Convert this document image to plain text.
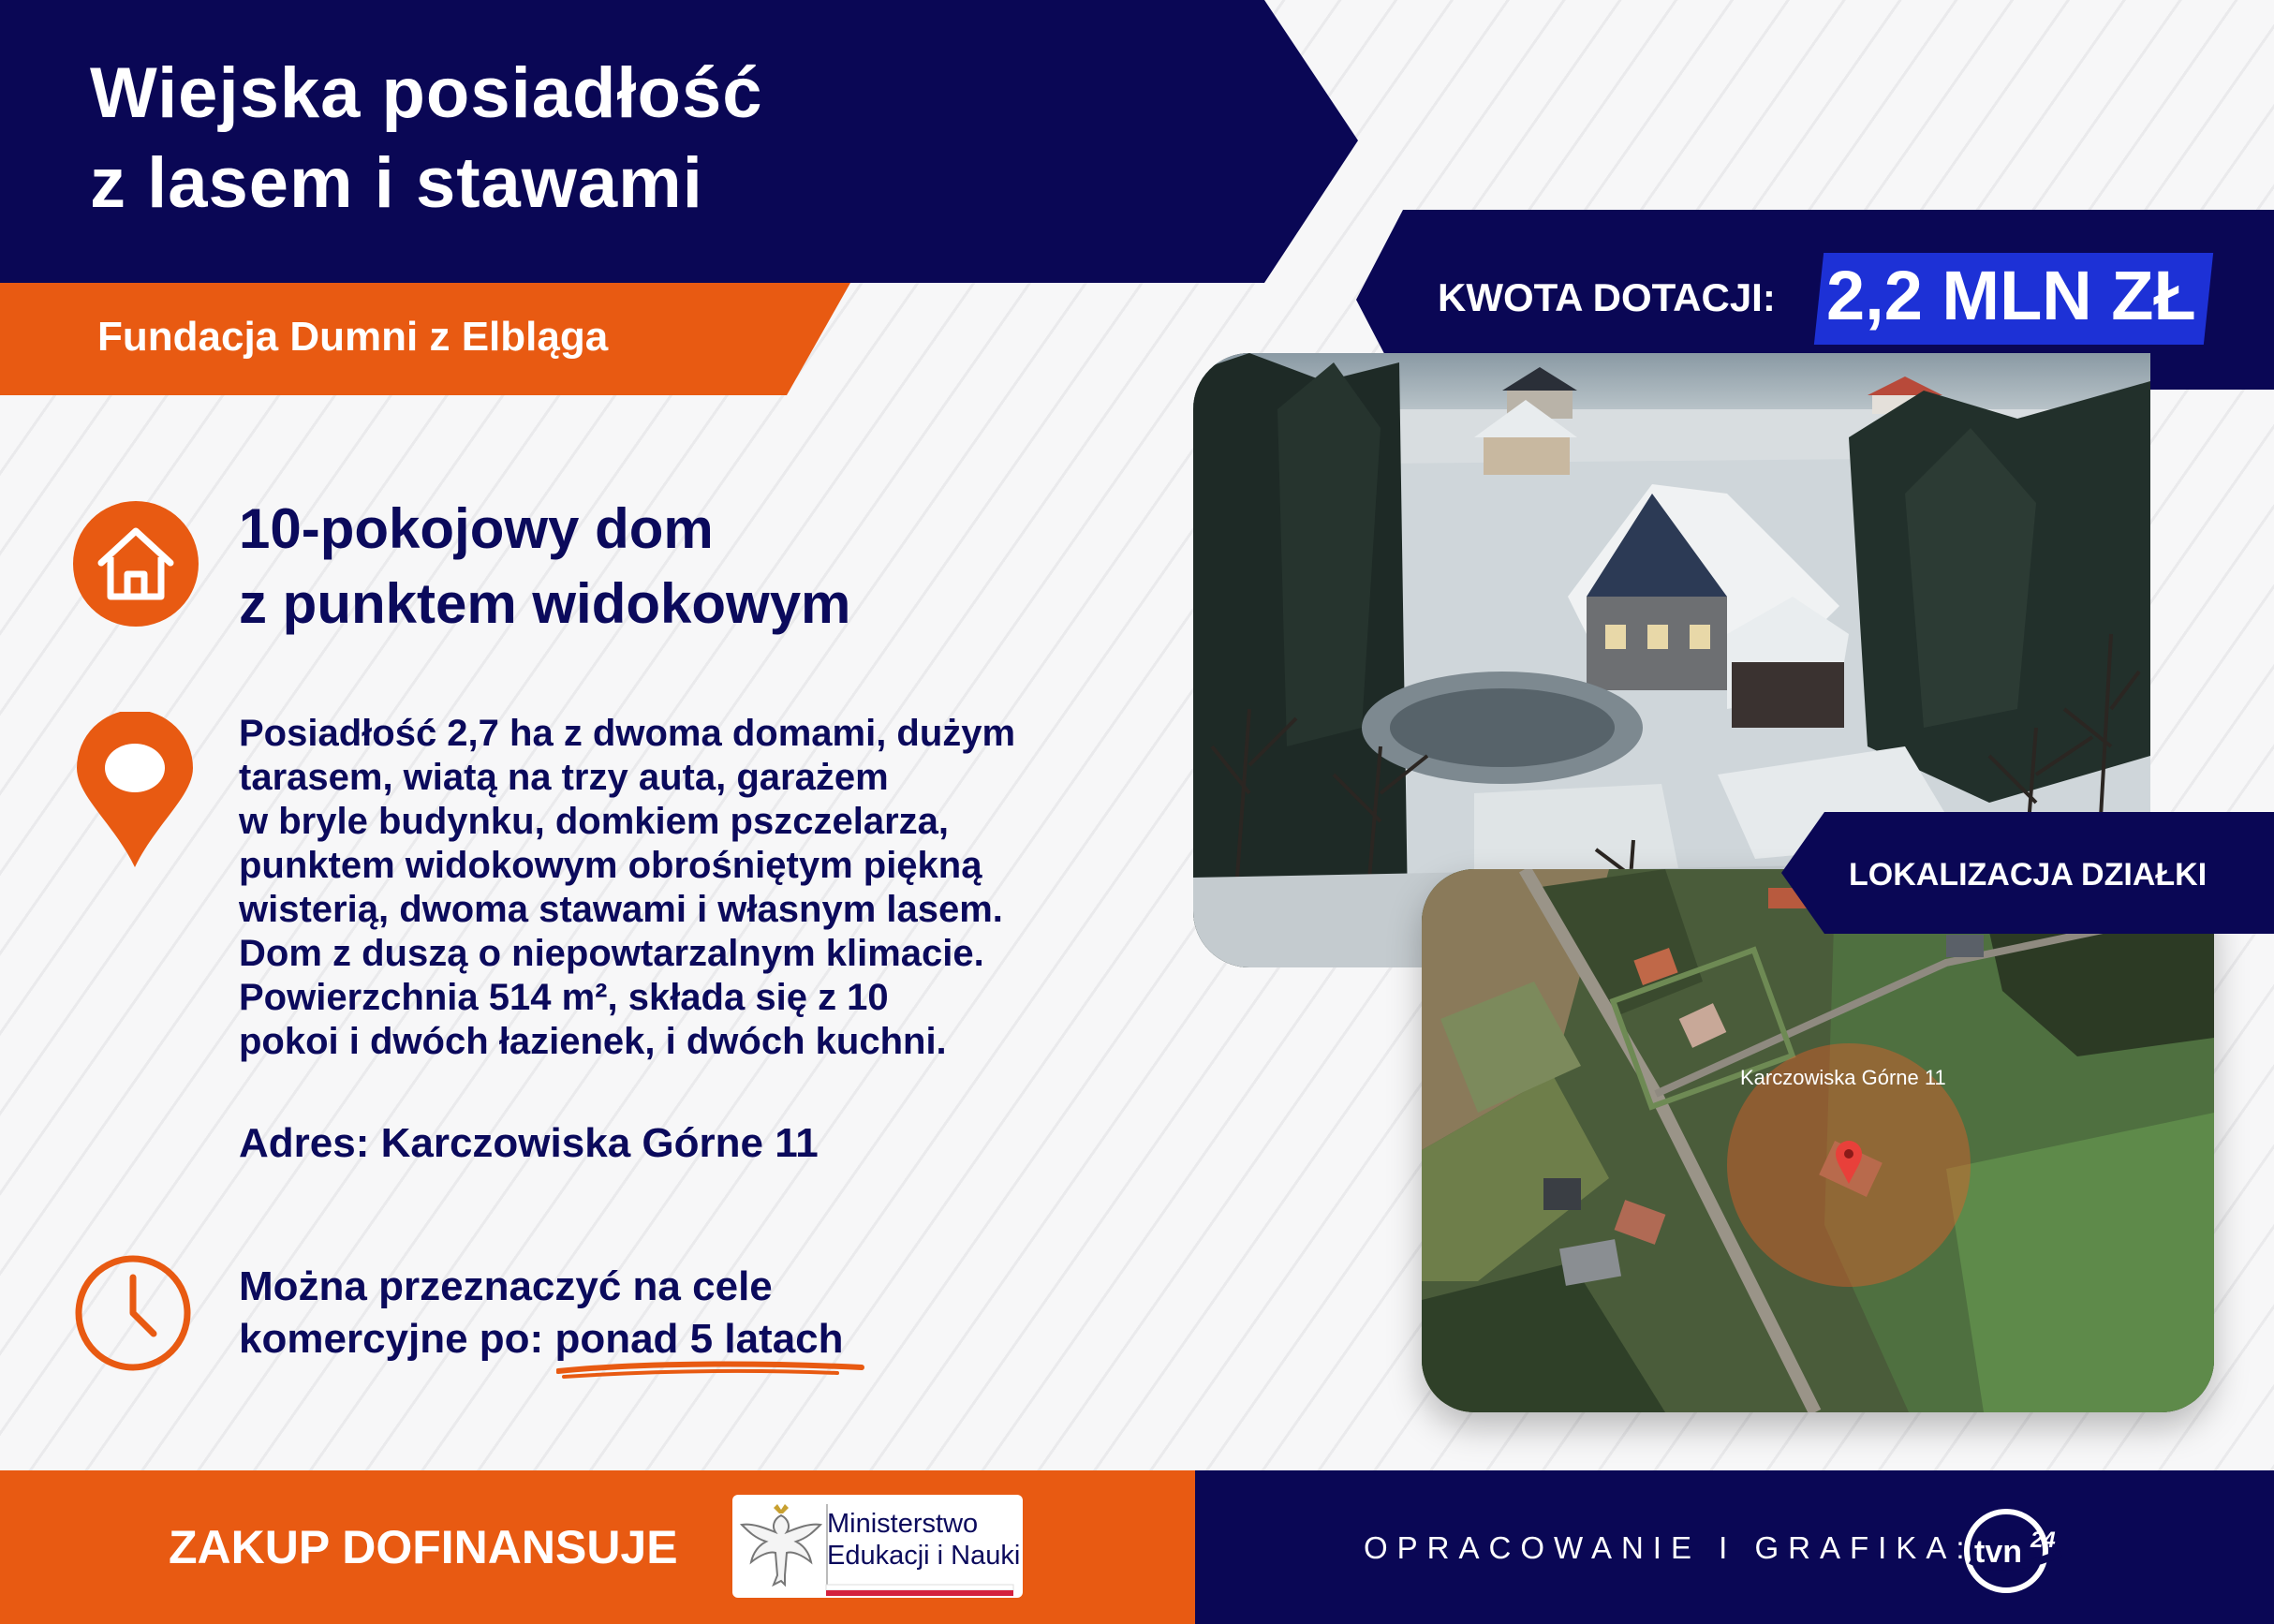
Wiejska posiadłość
z lasem i stawami
Fundacja Dumni z Elbląga
KWOTA DOTACJI: 2,2 MLN ZŁ
Karczowiska Górne 11
LOKALIZACJA DZIAŁKI
10-pokojowy dom
z punktem widokowym

Posiadłość 2,7 ha z dwoma domami, dużym

tarasem, wiatą na trzy auta, garażem

w bryle budynku, domkiem pszczelarza,

punktem widokowym obrośniętym piękną

wisterią, dwoma stawami i własnym lasem.

Dom z duszą o niepowtarzalnym klimacie.

Powierzchnia 514 m², składa się z 10

pokoi i dwóch łazienek, i dwóch kuchni.

Adres: Karczowiska Górne 11

Można przeznaczyć na cele

komercyjne po: ponad 5 latach

ZAKUP DOFINANSUJE	Ministerstwo
Edukacji i Nauki	OPRACOWANIE I GRAFIKA: tvn 24
